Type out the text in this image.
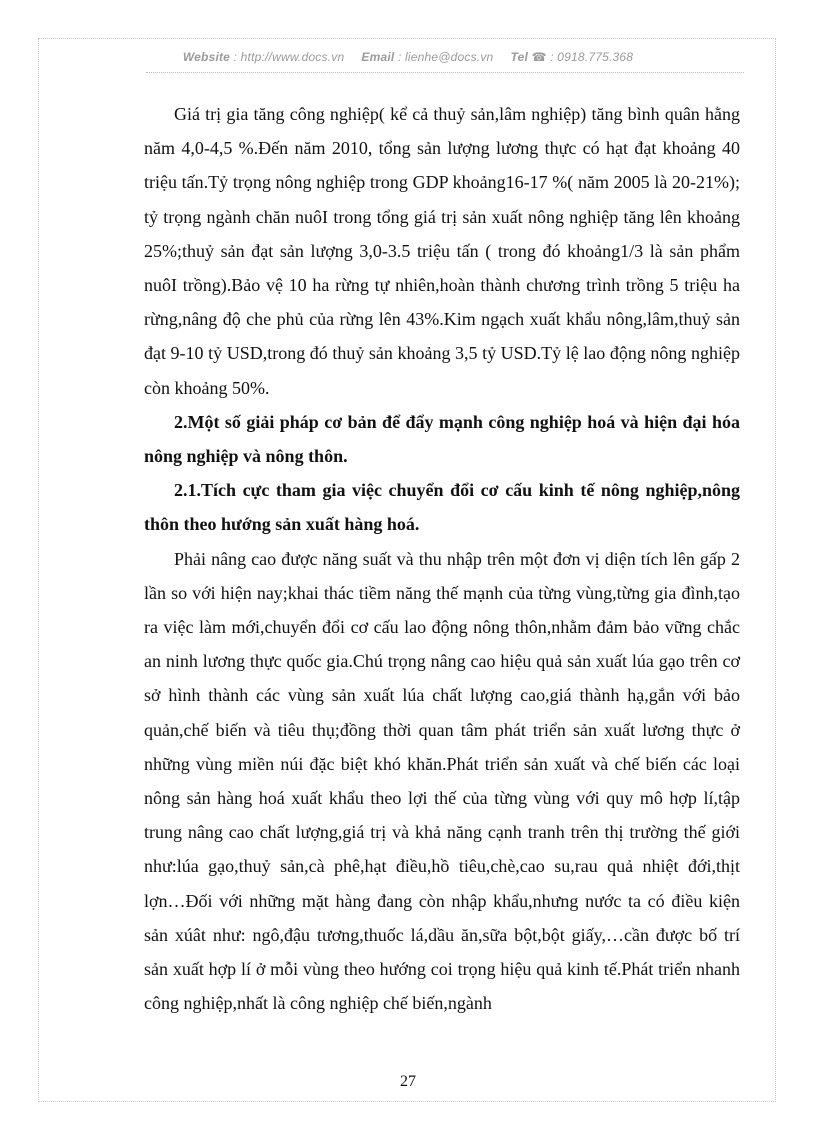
Website : http://www.docs.vn Email : lienhe@docs.vn Tel ☎ : 0918.775.368

Giá trị gia tăng công nghiệp( kể cả thuỷ sản,lâm nghiệp) tăng bình quân hằng năm 4,0-4,5 %.Đến năm 2010, tổng sản lượng lương thực có hạt đạt khoảng 40 triệu tấn.Tỷ trọng nông nghiệp trong GDP khoảng16-17 %( năm 2005 là 20-21%); tỷ trọng ngành chăn nuôI trong tổng giá trị sản xuất nông nghiệp tăng lên khoảng 25%;thuỷ sản đạt sản lượng 3,0-3.5 triệu tấn ( trong đó khoảng1/3 là sản phẩm nuôI trồng).Bảo vệ 10 ha rừng tự nhiên,hoàn thành chương trình trồng 5 triệu ha rừng,nâng độ che phủ của rừng lên 43%.Kim ngạch xuất khẩu nông,lâm,thuỷ sản đạt 9-10 tỷ USD,trong đó thuỷ sản khoảng 3,5 tỷ USD.Tỷ lệ lao động nông nghiệp còn khoảng 50%.

2.Một số giải pháp cơ bản để đẩy mạnh công nghiệp hoá và hiện đại hóa nông nghiệp và nông thôn.

2.1.Tích cực tham gia việc chuyển đổi cơ cấu kinh tế nông nghiệp,nông thôn theo hướng sản xuất hàng hoá.

Phải nâng cao được năng suất và thu nhập trên một đơn vị diện tích lên gấp 2 lần so với hiện nay;khai thác tiềm năng thế mạnh của từng vùng,từng gia đình,tạo ra việc làm mới,chuyển đổi cơ cấu lao động nông thôn,nhằm đảm bảo vững chắc an ninh lương thực quốc gia.Chú trọng nâng cao hiệu quả sản xuất lúa gạo trên cơ sở hình thành các vùng sản xuất lúa chất lượng cao,giá thành hạ,gắn với bảo quản,chế biến và tiêu thụ;đồng thời quan tâm phát triển sản xuất lương thực ở những vùng miền núi đặc biệt khó khăn.Phát triển sản xuất và chế biến các loại nông sản hàng hoá xuất khẩu theo lợi thế của từng vùng với quy mô hợp lí,tập trung nâng cao chất lượng,giá trị và khả năng cạnh tranh trên thị trường thế giới như:lúa gạo,thuỷ sản,cà phê,hạt điều,hồ tiêu,chè,cao su,rau quả nhiệt đới,thịt lợn…Đối với những mặt hàng đang còn nhập khẩu,nhưng nước ta có điều kiện sản xúât như: ngô,đậu tương,thuốc lá,dầu ăn,sữa bột,bột giấy,…cần được bố trí sản xuất hợp lí ở mỗi vùng theo hướng coi trọng hiệu quả kinh tế.Phát triển nhanh công nghiệp,nhất là công nghiệp chế biến,ngành

27
